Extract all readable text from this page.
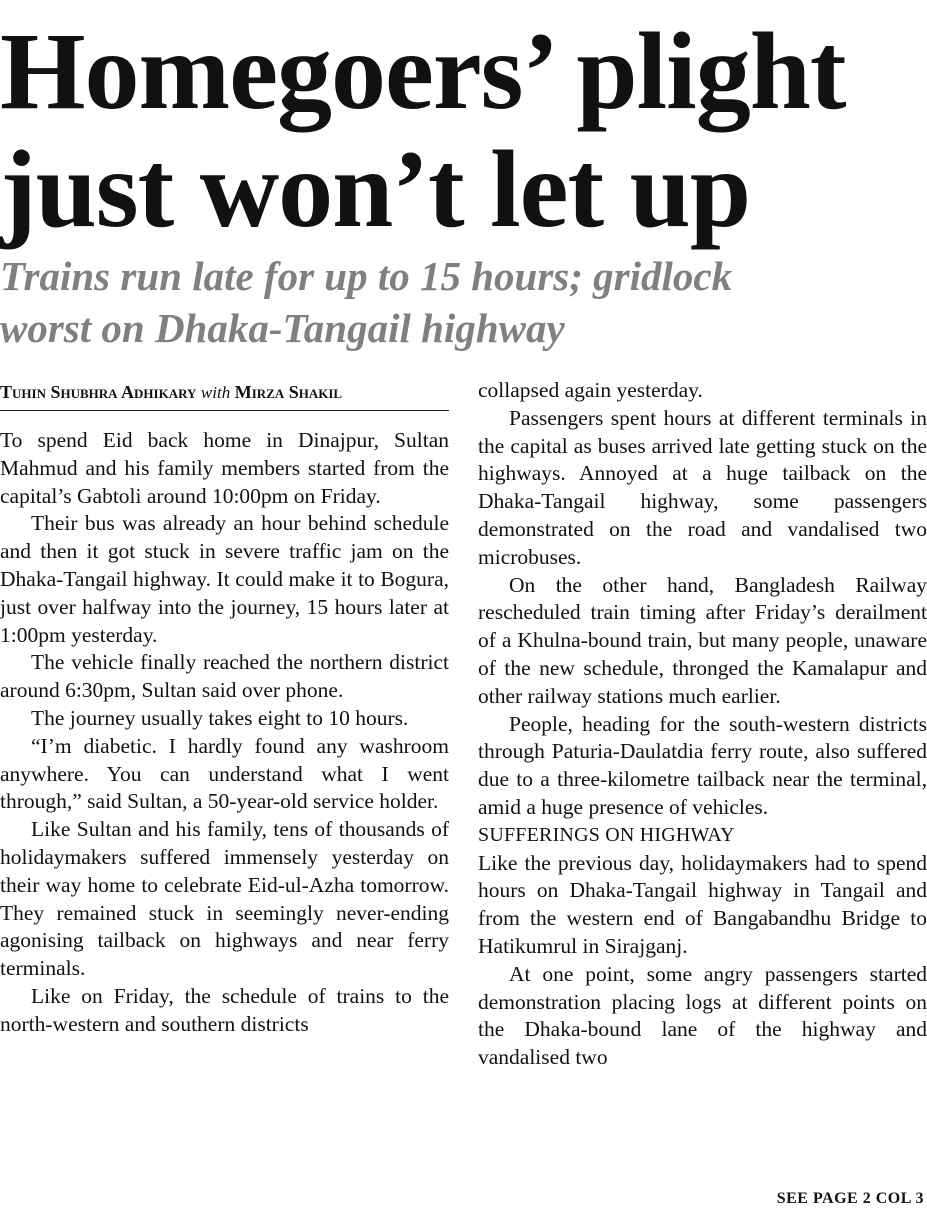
Homegoers’ plight
just won’t let up
Trains run late for up to 15 hours; gridlock
worst on Dhaka-Tangail highway
Tuhin Shubhra Adhikary with Mirza Shakil

To spend Eid back home in Dinajpur, Sultan Mahmud and his family members started from the capital’s Gabtoli around 10:00pm on Friday.

Their bus was already an hour behind schedule and then it got stuck in severe traffic jam on the Dhaka-Tangail highway. It could make it to Bogura, just over halfway into the journey, 15 hours later at 1:00pm yesterday.

The vehicle finally reached the northern district around 6:30pm, Sultan said over phone.

The journey usually takes eight to 10 hours.

“I’m diabetic. I hardly found any washroom anywhere. You can understand what I went through,” said Sultan, a 50-year-old service holder.

Like Sultan and his family, tens of thousands of holidaymakers suffered immensely yesterday on their way home to celebrate Eid-ul-Azha tomorrow. They remained stuck in seemingly never-ending agonising tailback on highways and near ferry terminals.

Like on Friday, the schedule of trains to the north-western and southern districts

collapsed again yesterday.

Passengers spent hours at different terminals in the capital as buses arrived late getting stuck on the highways. Annoyed at a huge tailback on the Dhaka-Tangail highway, some passengers demonstrated on the road and vandalised two microbuses.

On the other hand, Bangladesh Railway rescheduled train timing after Friday’s derailment of a Khulna-bound train, but many people, unaware of the new schedule, thronged the Kamalapur and other railway stations much earlier.

People, heading for the south-western districts through Paturia-Daulatdia ferry route, also suffered due to a three-kilometre tailback near the terminal, amid a huge presence of vehicles.

SUFFERINGS ON HIGHWAY

Like the previous day, holidaymakers had to spend hours on Dhaka-Tangail highway in Tangail and from the western end of Bangabandhu Bridge to Hatikumrul in Sirajganj.

At one point, some angry passengers started demonstration placing logs at different points on the Dhaka-bound lane of the highway and vandalised two

SEE PAGE 2 COL 3
